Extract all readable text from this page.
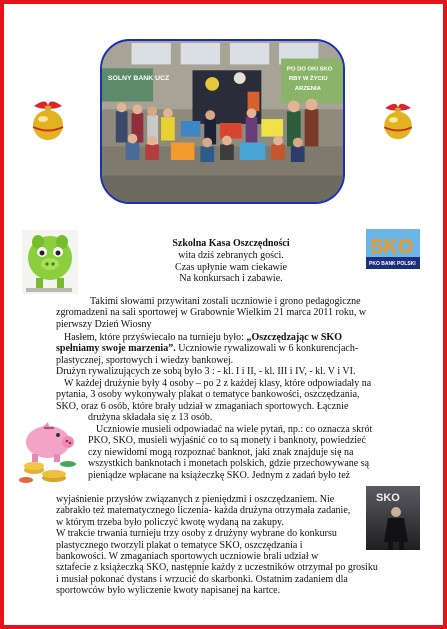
SOLNY BANK UCZ
PO DO OKI SKO
RBY W ŻYCIU
ARZENIA
SKO
PKO BANK POLSKI
SKO
Szkolna Kasa Oszczędności
wita dziś zebranych gości.
Czas upłynie wam ciekawie
Na konkursach i zabawie.
Takimi słowami przywitani zostali uczniowie i grono pedagogiczne
zgromadzeni na sali sportowej w Grabownie Wielkim 21 marca 2011 roku, w
pierwszy Dzień Wiosny
Hasłem, które przyświecało na turnieju było: „Oszczędzając w SKO
spełniamy swoje marzenia”. Uczniowie rywalizowali w 6 konkurencjach-
plastycznej, sportowych i wiedzy bankowej.
Drużyn rywalizujących ze sobą było 3 : - kl. I i II, - kl. III i IV, - kl. V i VI.
W każdej drużynie były 4 osoby – po 2 z każdej klasy, które odpowiadały na
pytania, 3 osoby wykonywały plakat o tematyce bankowości, oszczędzania,
SKO, oraz 6 osób, które brały udział w zmaganiach sportowych. Łącznie
drużyna składała się z 13 osób.
Uczniowie musieli odpowiadać na wiele pytań, np.: co oznacza skrót
PKO, SKO, musieli wyjaśnić co to są monety i banknoty, powiedzieć
czy niewidomi mogą rozpoznać banknot, jaki znak znajduje się na
wszystkich banknotach i monetach polskich, gdzie przechowywane są
pieniądze wpłacane na książeczkę SKO. Jednym z zadań było też
wyjaśnienie przysłów związanych z pieniędzmi i oszczędzaniem. Nie
zabrakło też matematycznego liczenia- każda drużyna otrzymała zadanie,
w którym trzeba było policzyć kwotę wydaną na zakupy.
W trakcie trwania turnieju trzy osoby z drużyny wybrane do konkursu
plastycznego tworzyli plakat o tematyce SKO, oszczędzania i
bankowości. W zmaganiach sportowych uczniowie brali udział w
sztafecie z książeczką SKO, następnie każdy z uczestników otrzymał po grosiku
i musiał pokonać dystans i wrzucić do skarbonki. Ostatnim zadaniem dla
sportowców było wyliczenie kwoty napisanej na kartce.
